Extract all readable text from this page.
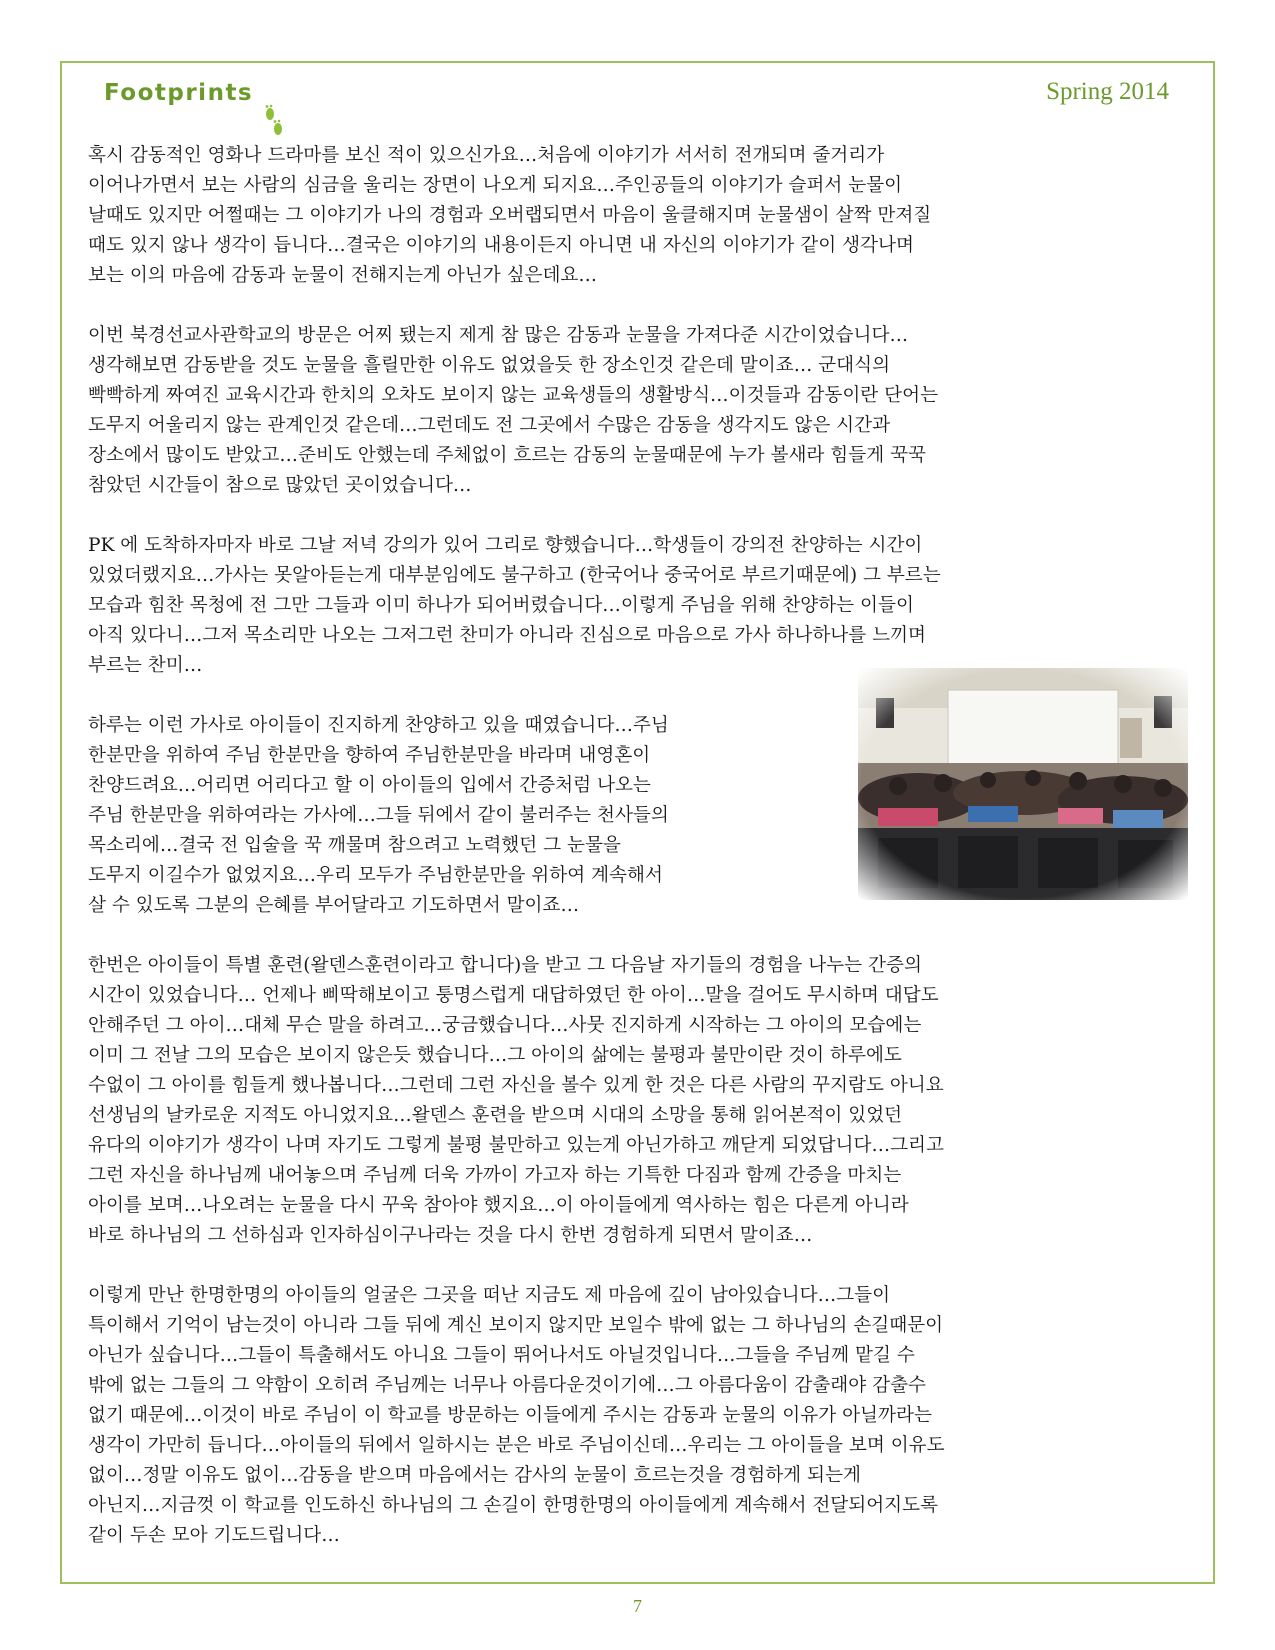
Footprints	Spring 2014

혹시 감동적인 영화나 드라마를 보신 적이 있으신가요…처음에 이야기가 서서히 전개되며 줄거리가
이어나가면서 보는 사람의 심금을 울리는 장면이 나오게 되지요…주인공들의 이야기가 슬퍼서 눈물이
날때도 있지만 어쩔때는 그 이야기가 나의 경험과 오버랩되면서 마음이 울클해지며 눈물샘이 살짝 만져질
때도 있지 않나 생각이 듭니다…결국은 이야기의 내용이든지 아니면 내 자신의 이야기가 같이 생각나며
보는 이의 마음에 감동과 눈물이 전해지는게 아닌가 싶은데요…

이번 북경선교사관학교의 방문은 어찌 됐는지 제게 참 많은 감동과 눈물을 가져다준 시간이었습니다…
생각해보면 감동받을 것도 눈물을 흘릴만한 이유도 없었을듯 한 장소인것 같은데 말이죠… 군대식의
빡빡하게 짜여진 교육시간과 한치의 오차도 보이지 않는 교육생들의 생활방식…이것들과 감동이란 단어는
도무지 어울리지 않는 관계인것 같은데…그런데도 전 그곳에서 수많은 감동을 생각지도 않은 시간과
장소에서 많이도 받았고…준비도 안했는데 주체없이 흐르는 감동의 눈물때문에 누가 볼새라 힘들게 꾹꾹
참았던 시간들이 참으로 많았던 곳이었습니다…

PK 에 도착하자마자 바로 그날 저녁 강의가 있어 그리로 향했습니다…학생들이 강의전 찬양하는 시간이
있었더랬지요…가사는 못알아듣는게 대부분임에도 불구하고 (한국어나 중국어로 부르기때문에) 그 부르는
모습과 힘찬 목청에 전 그만 그들과 이미 하나가 되어버렸습니다…이렇게 주님을 위해 찬양하는 이들이
아직 있다니…그저 목소리만 나오는 그저그런 찬미가 아니라 진심으로 마음으로 가사 하나하나를 느끼며
부르는 찬미…

하루는 이런 가사로 아이들이 진지하게 찬양하고 있을 때였습니다…주님
한분만을 위하여 주님 한분만을 향하여 주님한분만을 바라며 내영혼이
찬양드려요…어리면 어리다고 할 이 아이들의 입에서 간증처럼 나오는
주님 한분만을 위하여라는 가사에…그들 뒤에서 같이 불러주는 천사들의
목소리에…결국 전 입술을 꾹 깨물며 참으려고 노력했던 그 눈물을
도무지 이길수가 없었지요…우리 모두가 주님한분만을 위하여 계속해서
살 수 있도록 그분의 은혜를 부어달라고 기도하면서 말이죠…

한번은 아이들이 특별 훈련(왈덴스훈련이라고 합니다)을 받고 그 다음날 자기들의 경험을 나누는 간증의
시간이 있었습니다… 언제나 삐딱해보이고 퉁명스럽게 대답하였던 한 아이…말을 걸어도 무시하며 대답도
안해주던 그 아이…대체 무슨 말을 하려고…궁금했습니다…사뭇 진지하게 시작하는 그 아이의 모습에는
이미 그 전날 그의 모습은 보이지 않은듯 했습니다…그 아이의 삶에는 불평과 불만이란 것이 하루에도
수없이 그 아이를 힘들게 했나봅니다…그런데 그런 자신을 볼수 있게 한 것은 다른 사람의 꾸지람도 아니요
선생님의 날카로운 지적도 아니었지요…왈덴스 훈련을 받으며 시대의 소망을 통해 읽어본적이 있었던
유다의 이야기가 생각이 나며 자기도 그렇게 불평 불만하고 있는게 아닌가하고 깨닫게 되었답니다…그리고
그런 자신을 하나님께 내어놓으며 주님께 더욱 가까이 가고자 하는 기특한 다짐과 함께 간증을 마치는
아이를 보며…나오려는 눈물을 다시 꾸욱 참아야 했지요…이 아이들에게 역사하는 힘은 다른게 아니라
바로 하나님의 그 선하심과 인자하심이구나라는 것을 다시 한번 경험하게 되면서 말이죠…

이렇게 만난 한명한명의 아이들의 얼굴은 그곳을 떠난 지금도 제 마음에 깊이 남아있습니다…그들이
특이해서 기억이 남는것이 아니라 그들 뒤에 계신 보이지 않지만 보일수 밖에 없는 그 하나님의 손길때문이
아닌가 싶습니다…그들이 특출해서도 아니요 그들이 뛰어나서도 아닐것입니다…그들을 주님께 맡길 수
밖에 없는 그들의 그 약함이 오히려 주님께는 너무나 아름다운것이기에…그 아름다움이 감출래야 감출수
없기 때문에…이것이 바로 주님이 이 학교를 방문하는 이들에게 주시는 감동과 눈물의 이유가 아닐까라는
생각이 가만히 듭니다…아이들의 뒤에서 일하시는 분은 바로 주님이신데…우리는 그 아이들을 보며 이유도
없이…정말 이유도 없이…감동을 받으며 마음에서는 감사의 눈물이 흐르는것을 경험하게 되는게
아닌지…지금껏 이 학교를 인도하신 하나님의 그 손길이 한명한명의 아이들에게 계속해서 전달되어지도록
같이 두손 모아 기도드립니다…

7
